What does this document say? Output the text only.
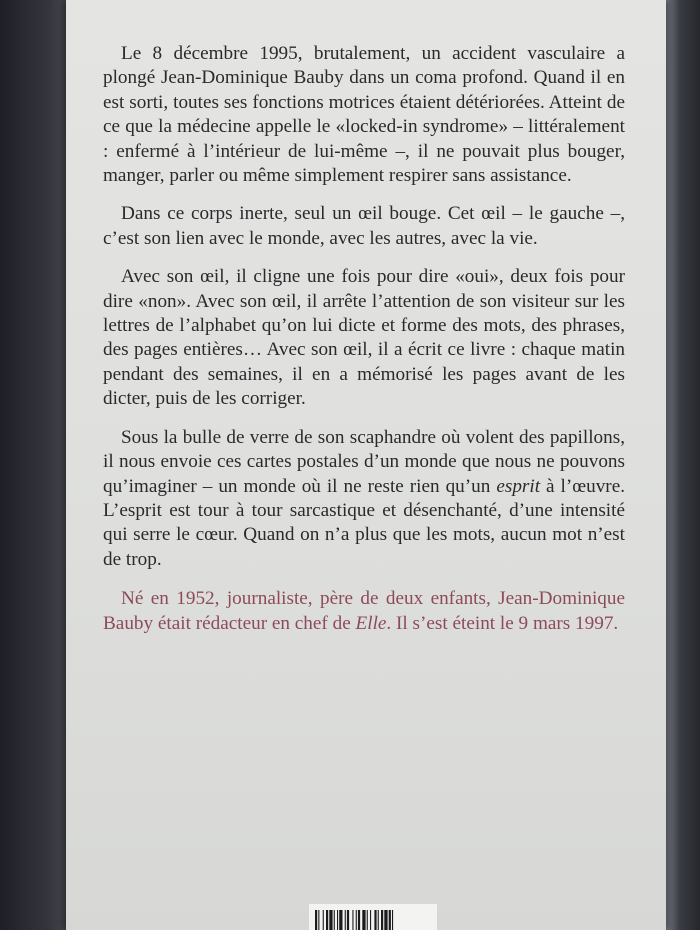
Le 8 décembre 1995, brutalement, un accident vasculaire a plongé Jean-Dominique Bauby dans un coma profond. Quand il en est sorti, toutes ses fonctions motrices étaient détériorées. Atteint de ce que la médecine appelle le «locked-in syndrome» – littéralement : enfermé à l’intérieur de lui-même –, il ne pouvait plus bouger, manger, parler ou même simplement respirer sans assistance.

Dans ce corps inerte, seul un œil bouge. Cet œil – le gauche –, c’est son lien avec le monde, avec les autres, avec la vie.

Avec son œil, il cligne une fois pour dire «oui», deux fois pour dire «non». Avec son œil, il arrête l’attention de son visiteur sur les lettres de l’alphabet qu’on lui dicte et forme des mots, des phrases, des pages entières… Avec son œil, il a écrit ce livre : chaque matin pendant des semaines, il en a mémorisé les pages avant de les dicter, puis de les corriger.

Sous la bulle de verre de son scaphandre où volent des papillons, il nous envoie ces cartes postales d’un monde que nous ne pouvons qu’imaginer – un monde où il ne reste rien qu’un esprit à l’œuvre. L’esprit est tour à tour sarcastique et désenchanté, d’une intensité qui serre le cœur. Quand on n’a plus que les mots, aucun mot n’est de trop.

Né en 1952, journaliste, père de deux enfants, Jean-Dominique Bauby était rédacteur en chef de Elle. Il s’est éteint le 9 mars 1997.
